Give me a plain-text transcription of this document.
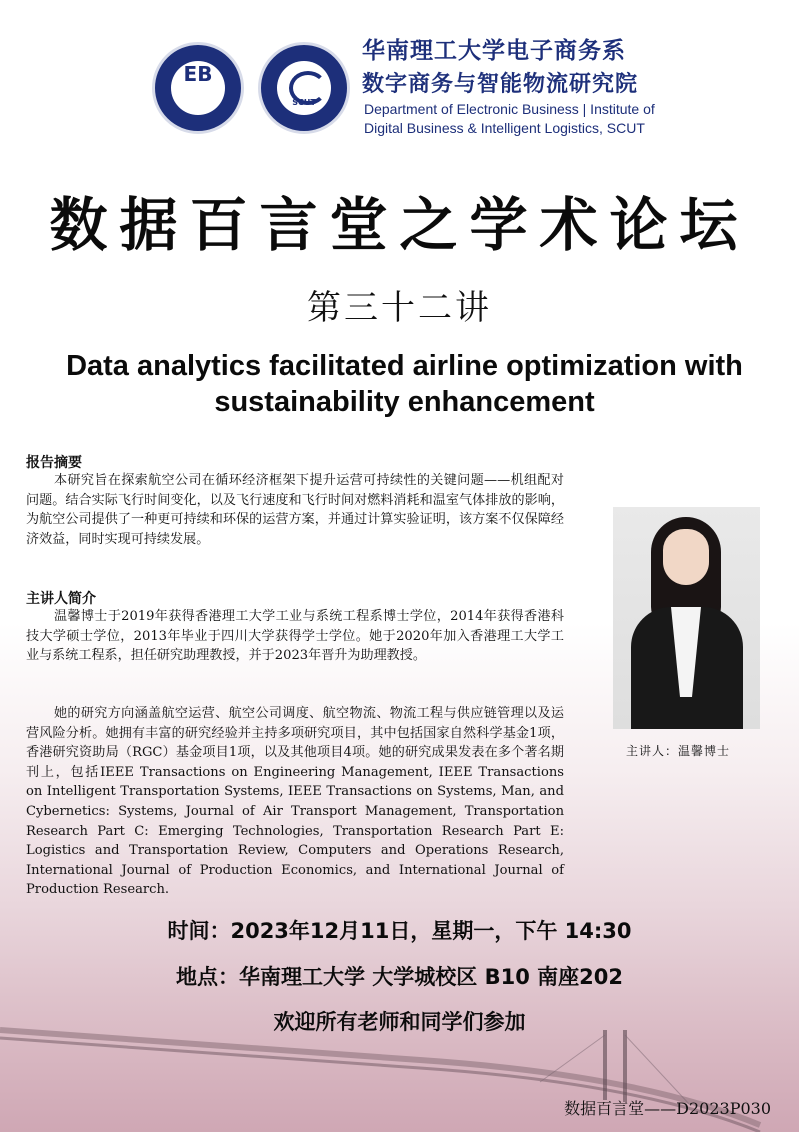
EB
SCUT
华南理工大学电子商务系
数字商务与智能物流研究院
Department of Electronic Business | Institute of
Digital Business & Intelligent Logistics, SCUT
数据百言堂之学术论坛
第三十二讲
Data analytics facilitated airline optimization with sustainability enhancement
报告摘要
本研究旨在探索航空公司在循环经济框架下提升运营可持续性的关键问题——机组配对问题。结合实际飞行时间变化，以及飞行速度和飞行时间对燃料消耗和温室气体排放的影响，为航空公司提供了一种更可持续和环保的运营方案，并通过计算实验证明，该方案不仅保障经济效益，同时实现可持续发展。
主讲人简介
温馨博士于2019年获得香港理工大学工业与系统工程系博士学位，2014年获得香港科技大学硕士学位，2013年毕业于四川大学获得学士学位。她于2020年加入香港理工大学工业与系统工程系，担任研究助理教授，并于2023年晋升为助理教授。
她的研究方向涵盖航空运营、航空公司调度、航空物流、物流工程与供应链管理以及运营风险分析。她拥有丰富的研究经验并主持多项研究项目，其中包括国家自然科学基金1项，香港研究资助局（RGC）基金项目1项，以及其他项目4项。她的研究成果发表在多个著名期刊上，包括IEEE Transactions on Engineering Management, IEEE Transactions on Intelligent Transportation Systems, IEEE Transactions on Systems, Man, and Cybernetics: Systems, Journal of Air Transport Management, Transportation Research Part C: Emerging Technologies, Transportation Research Part E: Logistics and Transportation Review, Computers and Operations Research, International Journal of Production Economics, and International Journal of Production Research.
主讲人：温馨博士
时间：2023年12月11日，星期一，下午 14:30
地点：华南理工大学 大学城校区 B10 南座202
欢迎所有老师和同学们参加
数据百言堂——D2023P030
